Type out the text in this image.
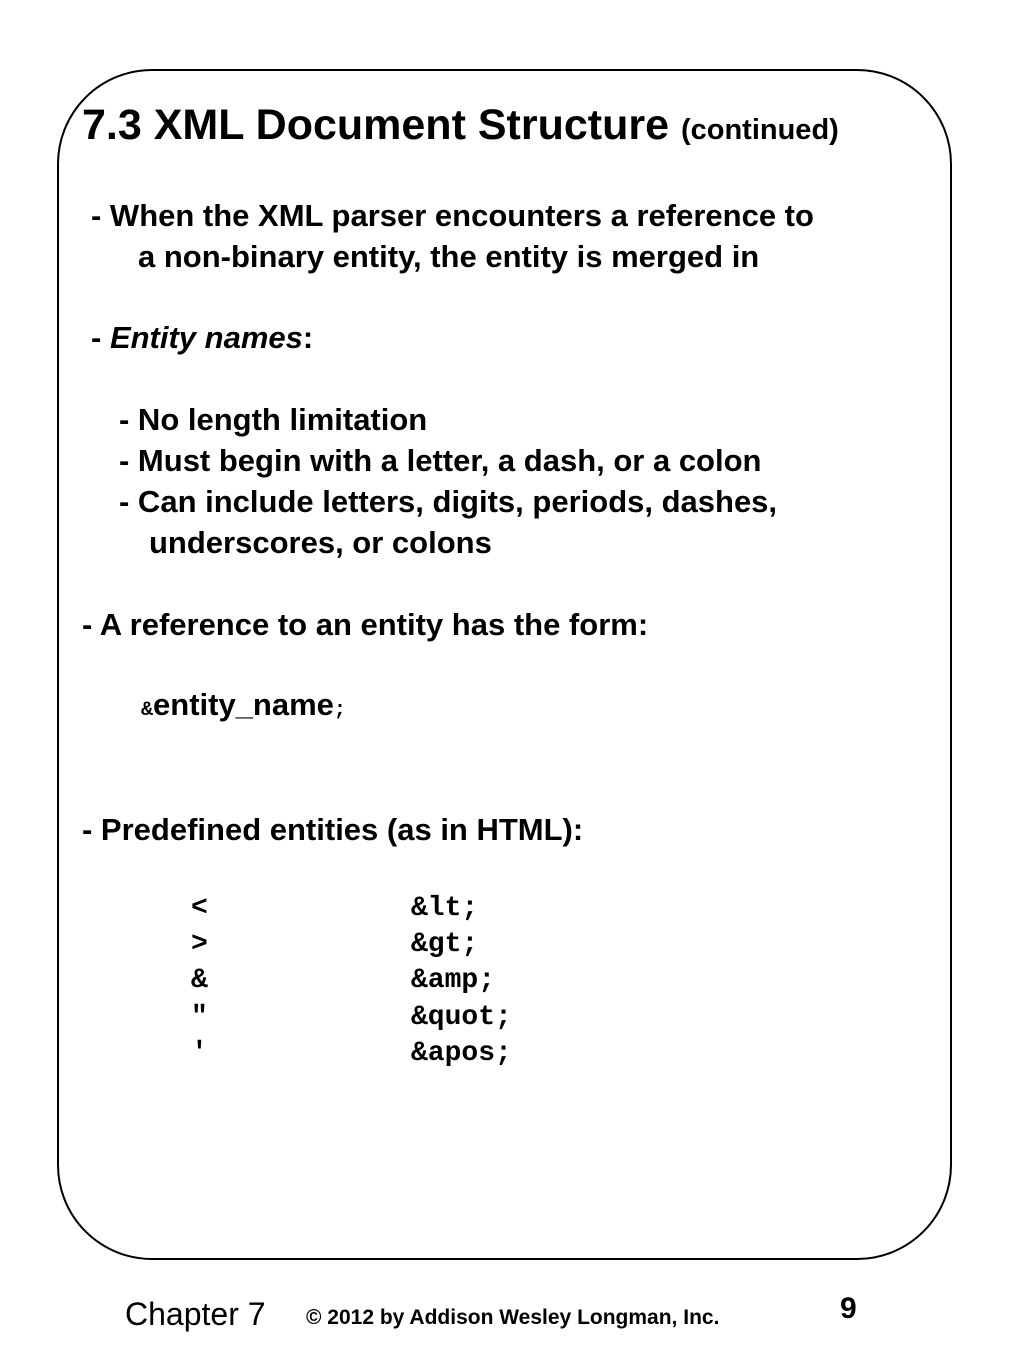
7.3 XML Document Structure (continued)
- When the XML parser encounters a reference to
a non-binary entity, the entity is merged in
- Entity names:
- No length limitation
- Must begin with a letter, a dash, or a colon
- Can include letters, digits, periods, dashes,
underscores, or colons
- A reference to an entity has the form:
&entity_name;
- Predefined entities (as in HTML):
<	&lt;
>	&gt;
&	&amp;
"	&quot;
'	&apos;
Chapter 7 © 2012 by Addison Wesley Longman, Inc.	9
